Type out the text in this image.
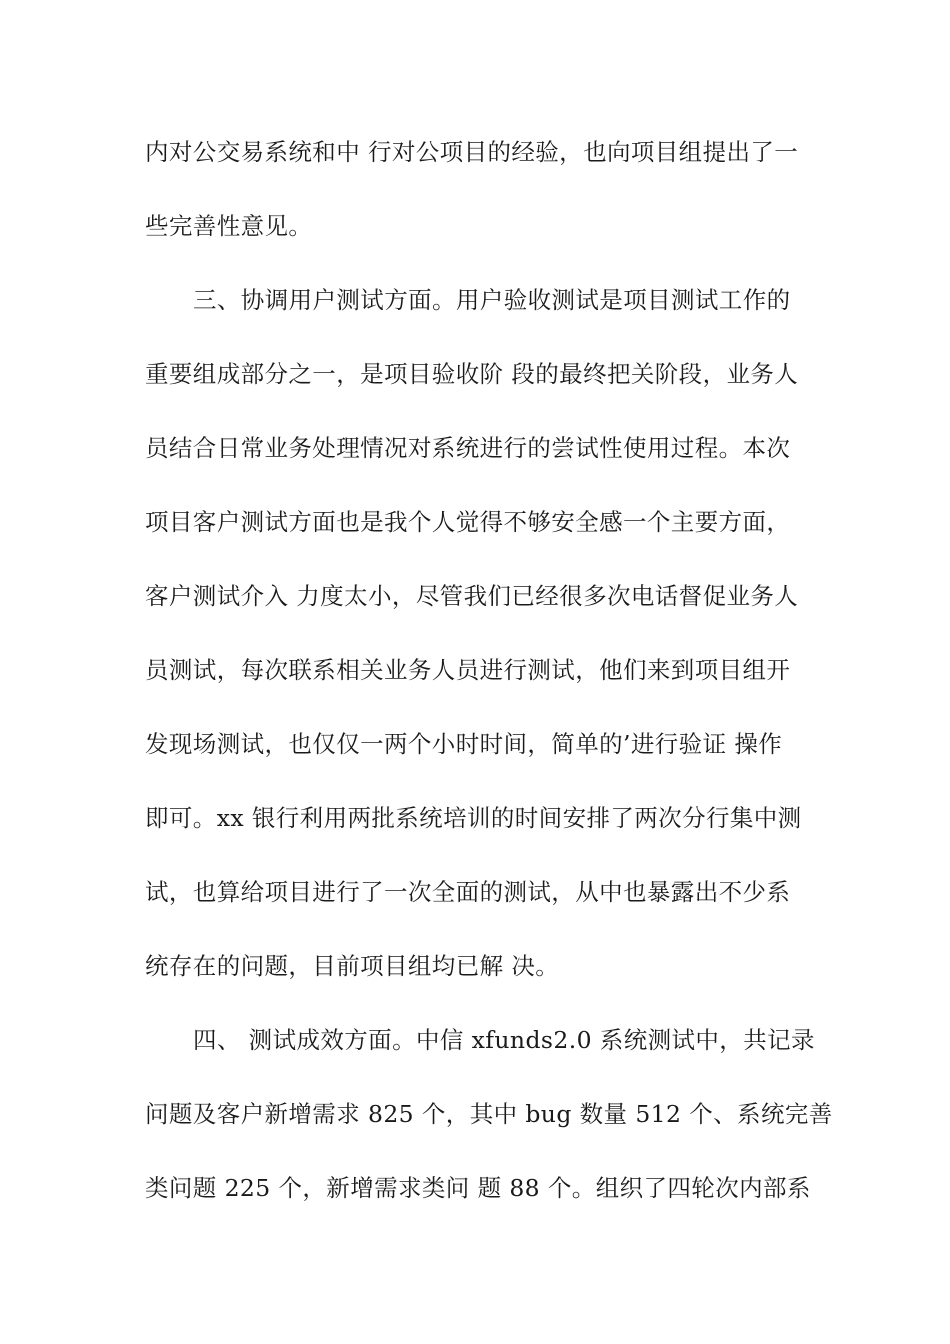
内对公交易系统和中 行对公项目的经验，也向项目组提出了一
些完善性意见。
三、协调用户测试方面。用户验收测试是项目测试工作的
重要组成部分之一，是项目验收阶 段的最终把关阶段，业务人
员结合日常业务处理情况对系统进行的尝试性使用过程。本次
项目客户测试方面也是我个人觉得不够安全感一个主要方面，
客户测试介入 力度太小，尽管我们已经很多次电话督促业务人
员测试，每次联系相关业务人员进行测试，他们来到项目组开
发现场测试，也仅仅一两个小时时间，简单的’进行验证 操作
即可。xx 银行利用两批系统培训的时间安排了两次分行集中测
试，也算给项目进行了一次全面的测试，从中也暴露出不少系
统存在的问题，目前项目组均已解 决。
四、 测试成效方面。中信 xfunds2.0 系统测试中，共记录
问题及客户新增需求 825 个，其中 bug 数量 512 个、系统完善
类问题 225 个，新增需求类问 题 88 个。组织了四轮次内部系
